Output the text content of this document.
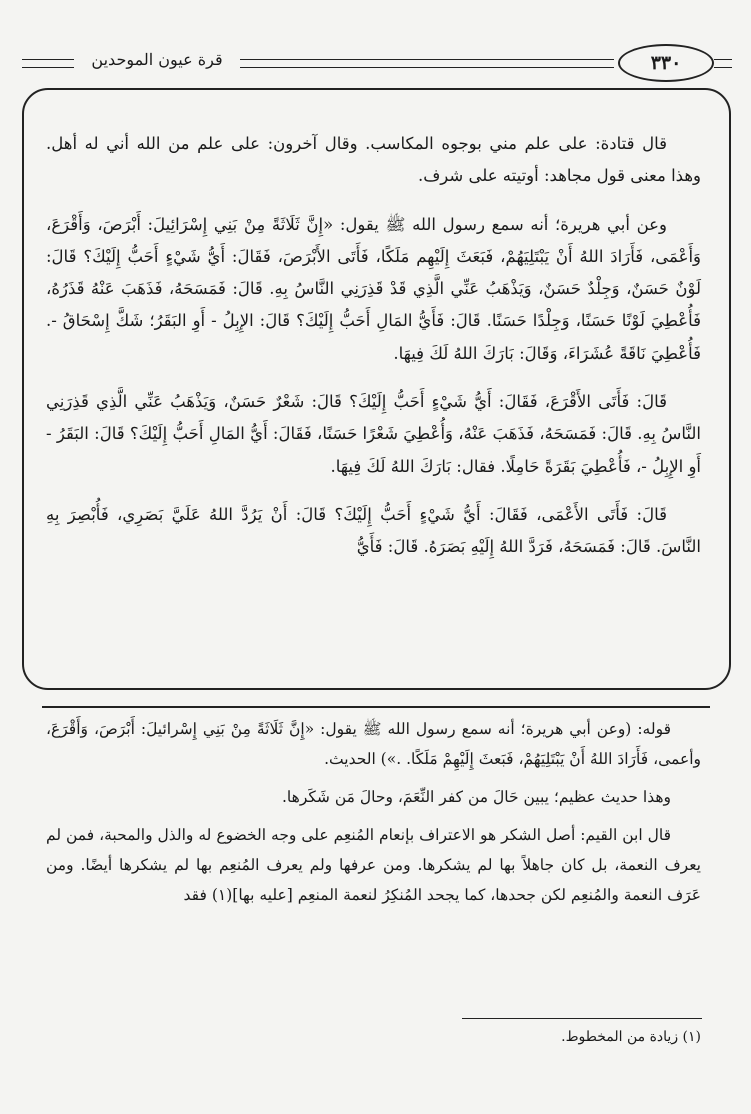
قرة عيون الموحدين	٣٣٠

قال قتادة: على علم مني بوجوه المكاسب. وقال آخرون: على علم من الله أني له أهل. وهذا معنى قول مجاهد: أوتيته على شرف.

وعن أبي هريرة؛ أنه سمع رسول الله ﷺ يقول: «إِنَّ ثَلَاثَةً مِنْ بَنِي إِسْرَائِيلَ: أَبْرَصَ، وَأَقْرَعَ، وَأَعْمَى، فَأَرَادَ اللهُ أَنْ يَبْتَلِيَهُمْ، فَبَعَثَ إِلَيْهِم مَلَكًا، فَأَتَى الأَبْرَصَ، فَقَالَ: أَيُّ شَيْءٍ أَحَبُّ إِلَيْكَ؟ قَالَ: لَوْنٌ حَسَنٌ، وَجِلْدٌ حَسَنٌ، وَيَذْهَبُ عَنِّي الَّذِي قَدْ قَذِرَنِي النَّاسُ بِهِ. قَالَ: فَمَسَحَهُ، فَذَهَبَ عَنْهُ قَذَرُهُ، فَأُعْطِيَ لَوْنًا حَسَنًا، وَجِلْدًا حَسَنًا. قَالَ: فَأَيُّ المَالِ أَحَبُّ إِلَيْكَ؟ قَالَ: الإِبِلُ - أَوِ البَقَرُ؛ شَكَّ إِسْحَاقُ -. فَأُعْطِيَ نَاقَةً عُشَرَاءَ، وَقَالَ: بَارَكَ اللهُ لَكَ فِيهَا.

قَالَ: فَأَتَى الأَقْرَعَ، فَقَالَ: أَيُّ شَيْءٍ أَحَبُّ إِلَيْكَ؟ قَالَ: شَعْرٌ حَسَنٌ، وَيَذْهَبُ عَنِّي الَّذِي قَذِرَنِي النَّاسُ بِهِ. قَالَ: فَمَسَحَهُ، فَذَهَبَ عَنْهُ، وَأُعْطِيَ شَعْرًا حَسَنًا، فَقَالَ: أَيُّ المَالِ أَحَبُّ إِلَيْكَ؟ قَالَ: البَقَرُ - أَوِ الإِبِلُ -، فَأُعْطِيَ بَقَرَةً حَامِلًا. فقال: بَارَكَ اللهُ لَكَ فِيهَا.

قَالَ: فَأَتَى الأَعْمَى، فَقَالَ: أَيُّ شَيْءٍ أَحَبُّ إِلَيْكَ؟ قَالَ: أَنْ يَرُدَّ اللهُ عَلَيَّ بَصَرِي، فَأُبْصِرَ بِهِ النَّاسَ. قَالَ: فَمَسَحَهُ، فَرَدَّ اللهُ إِلَيْهِ بَصَرَهُ. قَالَ: فَأَيُّ

قوله: (وعن أبي هريرة؛ أنه سمع رسول الله ﷺ يقول: «إِنَّ ثَلَاثَةً مِنْ بَنِي إِسْرائيلَ: أَبْرَصَ، وَأَقْرَعَ، وأعمى، فَأَرَادَ اللهُ أَنْ يَبْتَلِيَهُمْ، فَبَعثَ إِلَيْهِمْ مَلَكًا. .») الحديث.

وهذا حديث عظيم؛ يبين حَالَ من كفر النِّعَمَ، وحالَ مَن شَكَرها.

قال ابن القيم: أصل الشكر هو الاعتراف بإنعام المُنعِم على وجه الخضوع له والذل والمحبة، فمن لم يعرف النعمة، بل كان جاهلاً بها لم يشكرها. ومن عرفها ولم يعرف المُنعِم بها لم يشكرها أيضًا. ومن عَرَف النعمة والمُنعِم لكن جحدها، كما يجحد المُنكِرُ لنعمة المنعِم [عليه بها](١) فقد

(١) زيادة من المخطوط.
